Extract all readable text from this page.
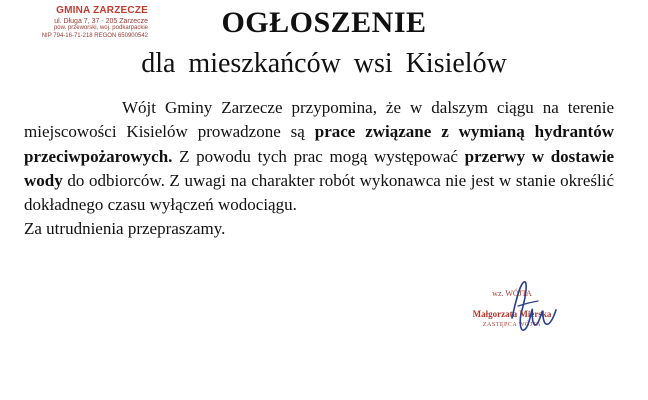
GMINA ZARZECZE
ul. Długa 7, 37 - 205 Zarzecze
pow. przeworski, woj. podkarpackie
NIP 794-16-71-218 REGON 650900542	OGŁOSZENIE
dla mieszkańców wsi Kisielów

Wójt Gminy Zarzecze przypomina, że w dalszym ciągu na terenie miejscowości Kisielów prowadzone są prace związane z wymianą hydrantów przeciwpożarowych. Z powodu tych prac mogą występować przerwy w dostawie wody do odbiorców. Z uwagi na charakter robót wykonawca nie jest w stanie określić dokładnego czasu wyłączeń wodociągu.

Za utrudnienia przepraszamy.

wz. WÓJTA
Małgorzata Mierska
ZASTĘPCA WÓJTA
